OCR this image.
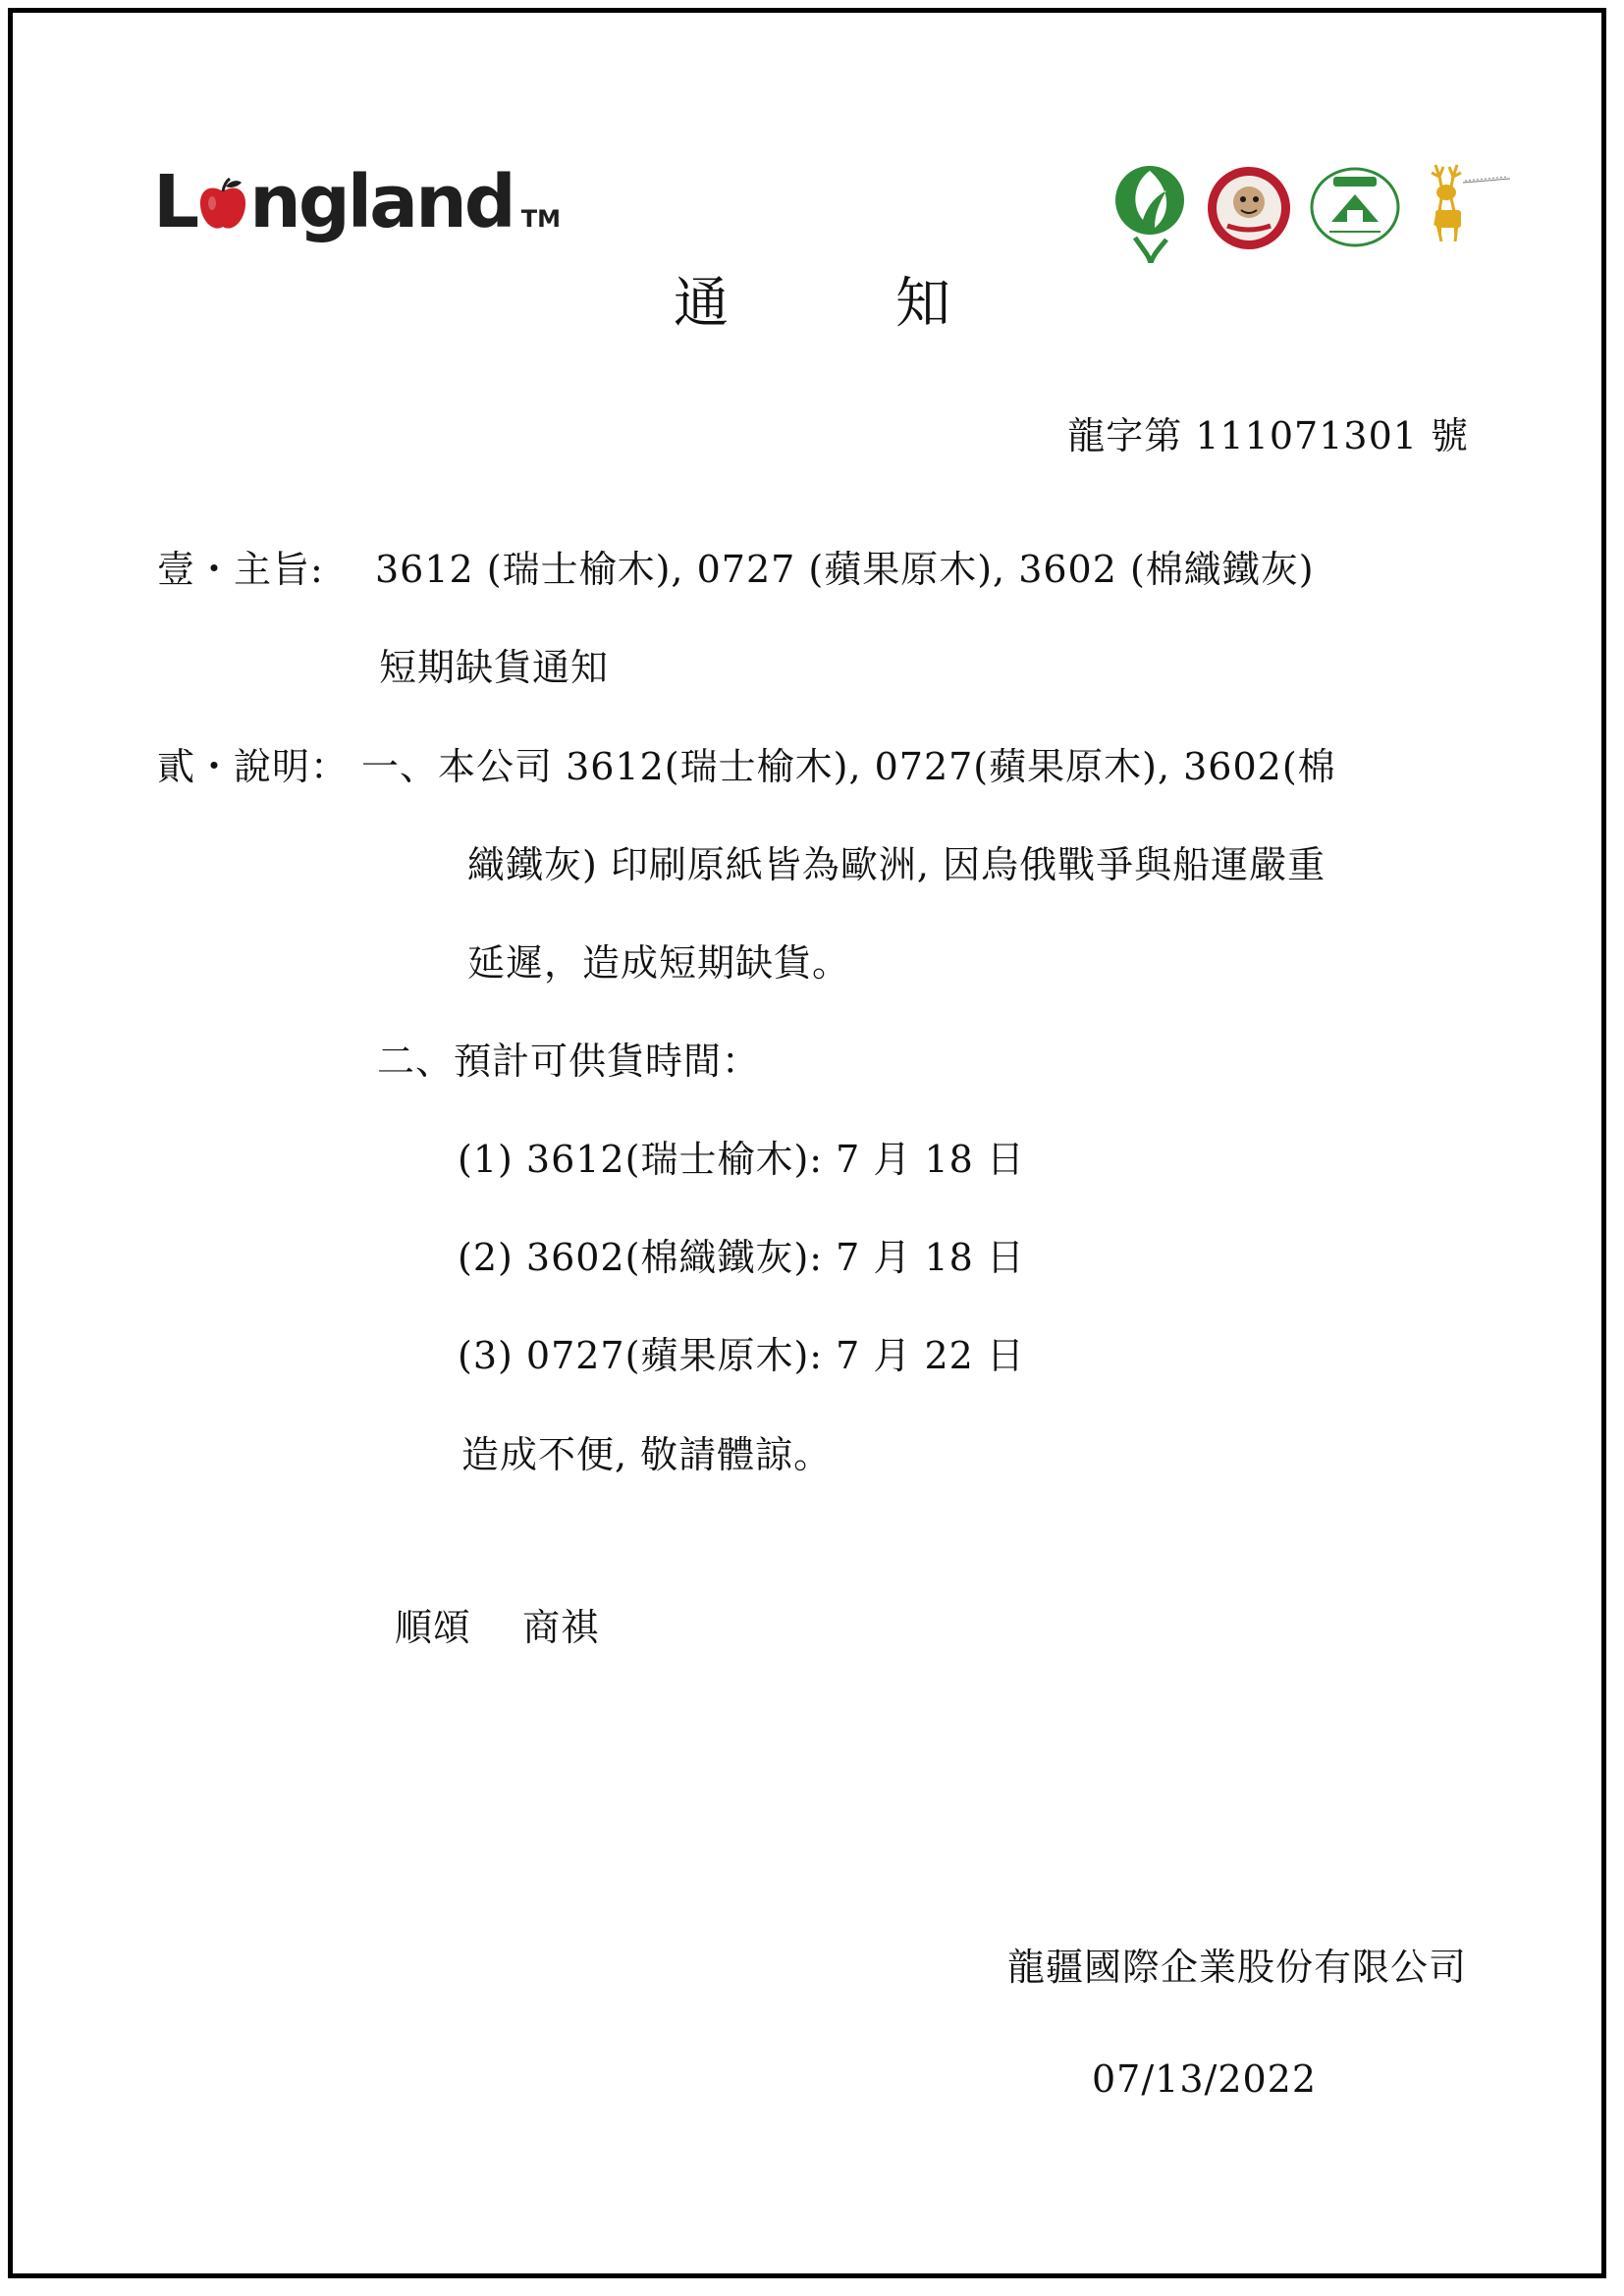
L ngland TM
通	知
龍字第 111071301 號
壹・主旨: 3612 (瑞士榆木), 0727 (蘋果原木), 3602 (棉織鐵灰)
短期缺貨通知
貳・說明： 一、本公司 3612(瑞士榆木), 0727(蘋果原木), 3602(棉
織鐵灰) 印刷原紙皆為歐洲, 因烏俄戰爭與船運嚴重
延遲，造成短期缺貨。
二、預計可供貨時間：
(1) 3612(瑞士榆木): 7 月 18 日
(2) 3602(棉織鐵灰): 7 月 18 日
(3) 0727(蘋果原木): 7 月 22 日
造成不便, 敬請體諒。
順頌　 商祺
龍疆國際企業股份有限公司
07/13/2022
